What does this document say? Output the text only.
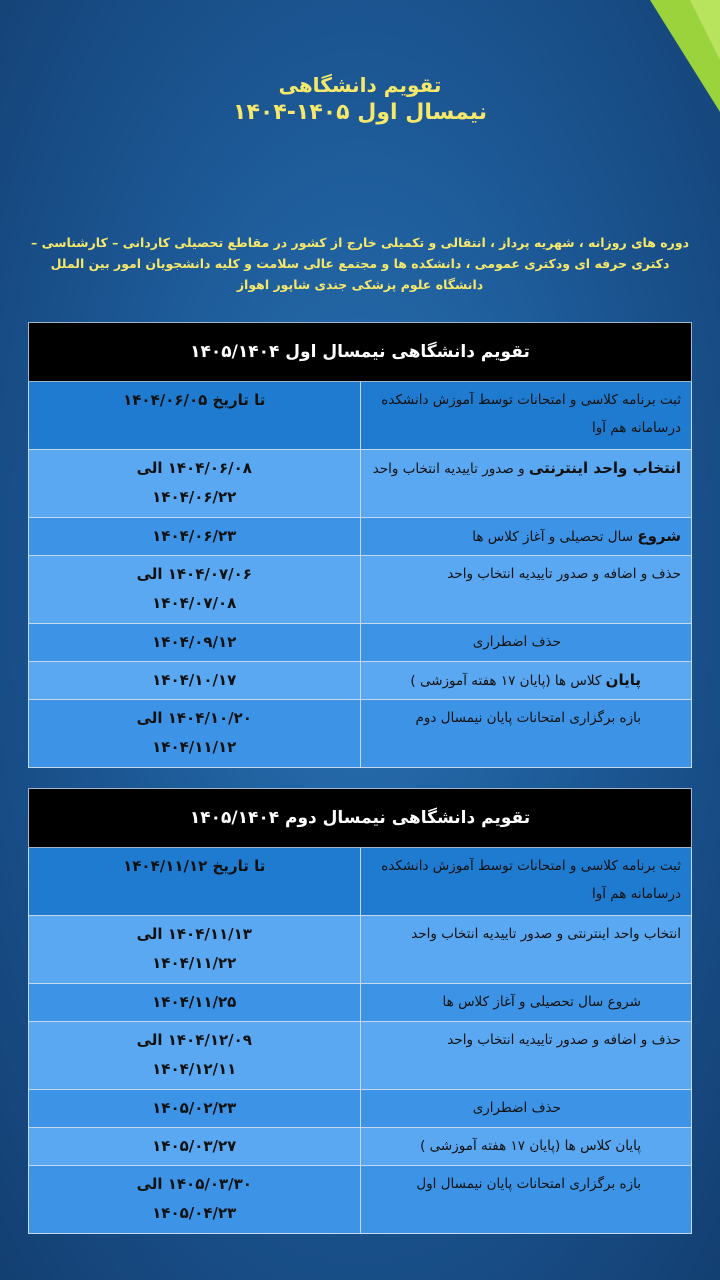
تقویم دانشگاهی
نیمسال اول ۱۴۰۵-۱۴۰۴
دوره های روزانه ، شهریه پرداز ، انتقالی و تکمیلی خارج از کشور در مقاطع تحصیلی کاردانی – کارشناسی –
دکتری حرفه ای ودکتری عمومی ، دانشکده ها و مجتمع عالی سلامت و کلیه دانشجویان امور بین الملل
دانشگاه علوم پزشکی جندی شاپور اهواز
تقویم دانشگاهی نیمسال اول ۱۴۰۵/۱۴۰۴	
ثبت برنامه کلاسی و امتحانات توسط آموزش دانشکده درسامانه هم آوا	تا تاریخ ۱۴۰۴/۰۶/۰۵
انتخاب واحد اینترنتی و صدور تاییدیه انتخاب واحد	۱۴۰۴/۰۶/۰۸ الی
۱۴۰۴/۰۶/۲۲
شروع سال تحصیلی و آغاز کلاس ها	۱۴۰۴/۰۶/۲۳
حذف و اضافه و صدور تاییدیه انتخاب واحد	۱۴۰۴/۰۷/۰۶ الی
۱۴۰۴/۰۷/۰۸
حذف اضطراری	۱۴۰۴/۰۹/۱۲
پایان کلاس ها (پایان ۱۷ هفته آموزشی )	۱۴۰۴/۱۰/۱۷
بازه برگزاری امتحانات پایان نیمسال دوم	۱۴۰۴/۱۰/۲۰ الی
۱۴۰۴/۱۱/۱۲
تقویم دانشگاهی نیمسال دوم ۱۴۰۵/۱۴۰۴	
ثبت برنامه کلاسی و امتحانات توسط آموزش دانشکده درسامانه هم آوا	تا تاریخ ۱۴۰۴/۱۱/۱۲
انتخاب واحد اینترنتی و صدور تاییدیه انتخاب واحد	۱۴۰۴/۱۱/۱۳ الی
۱۴۰۴/۱۱/۲۲
شروع سال تحصیلی و آغاز کلاس ها	۱۴۰۴/۱۱/۲۵
حذف و اضافه و صدور تاییدیه انتخاب واحد	۱۴۰۴/۱۲/۰۹ الی
۱۴۰۴/۱۲/۱۱
حذف اضطراری	۱۴۰۵/۰۲/۲۳
پایان کلاس ها (پایان ۱۷ هفته آموزشی )	۱۴۰۵/۰۳/۲۷
بازه برگزاری امتحانات پایان نیمسال اول	۱۴۰۵/۰۳/۳۰ الی
۱۴۰۵/۰۴/۲۳
